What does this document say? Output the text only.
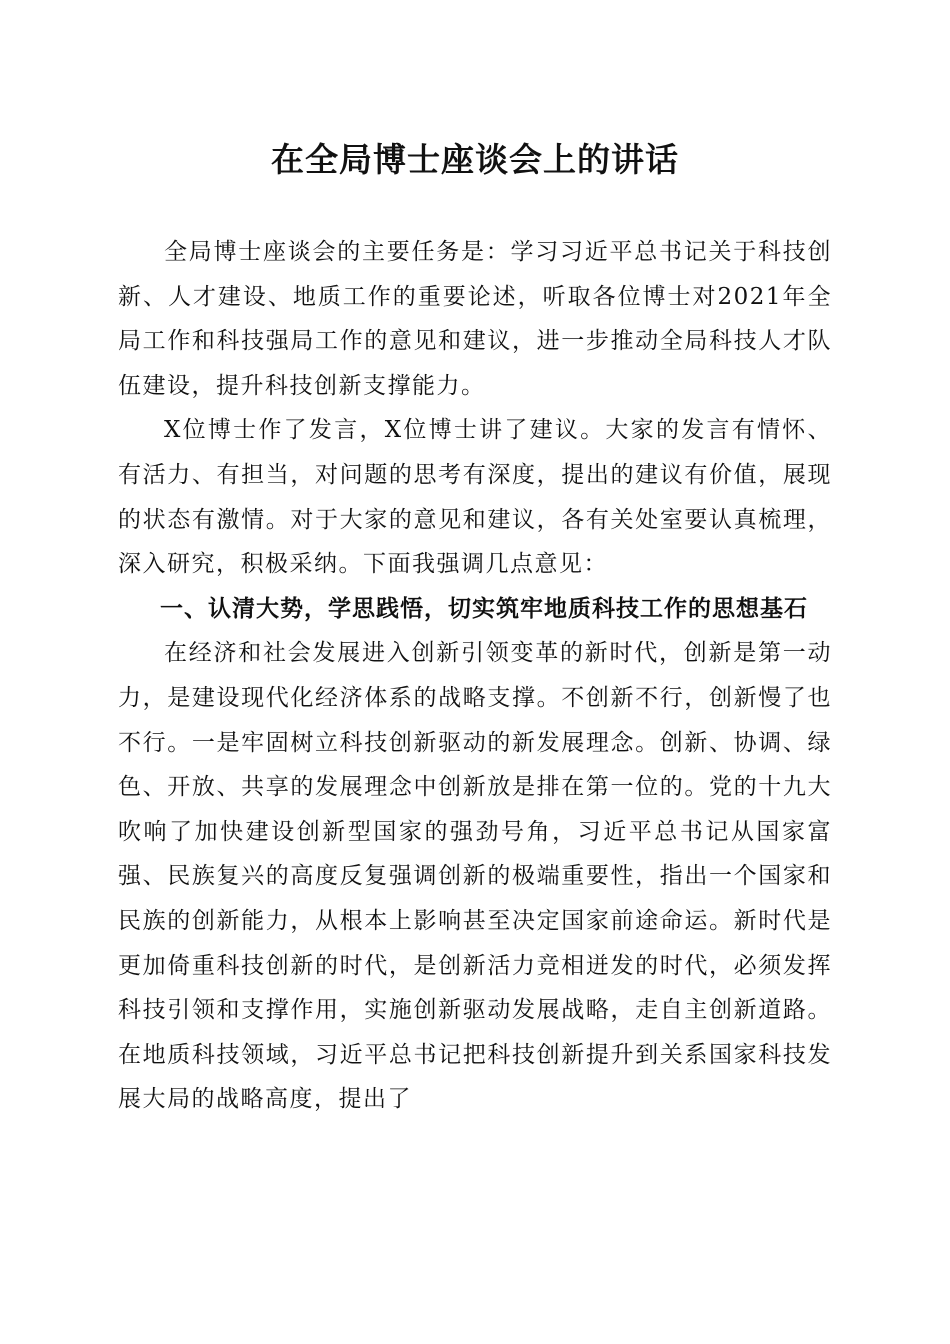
在全局博士座谈会上的讲话

全局博士座谈会的主要任务是：学习习近平总书记关于科技创新、人才建设、地质工作的重要论述，听取各位博士对2021年全局工作和科技强局工作的意见和建议，进一步推动全局科技人才队伍建设，提升科技创新支撑能力。

X位博士作了发言，X位博士讲了建议。大家的发言有情怀、有活力、有担当，对问题的思考有深度，提出的建议有价值，展现的状态有激情。对于大家的意见和建议，各有关处室要认真梳理，深入研究，积极采纳。下面我强调几点意见：

一、认清大势，学思践悟，切实筑牢地质科技工作的思想基石

在经济和社会发展进入创新引领变革的新时代，创新是第一动力，是建设现代化经济体系的战略支撑。不创新不行，创新慢了也不行。一是牢固树立科技创新驱动的新发展理念。创新、协调、绿色、开放、共享的发展理念中创新放是排在第一位的。党的十九大吹响了加快建设创新型国家的强劲号角，习近平总书记从国家富强、民族复兴的高度反复强调创新的极端重要性，指出一个国家和民族的创新能力，从根本上影响甚至决定国家前途命运。新时代是更加倚重科技创新的时代，是创新活力竞相迸发的时代，必须发挥科技引领和支撑作用，实施创新驱动发展战略，走自主创新道路。在地质科技领域，习近平总书记把科技创新提升到关系国家科技发展大局的战略高度，提出了
